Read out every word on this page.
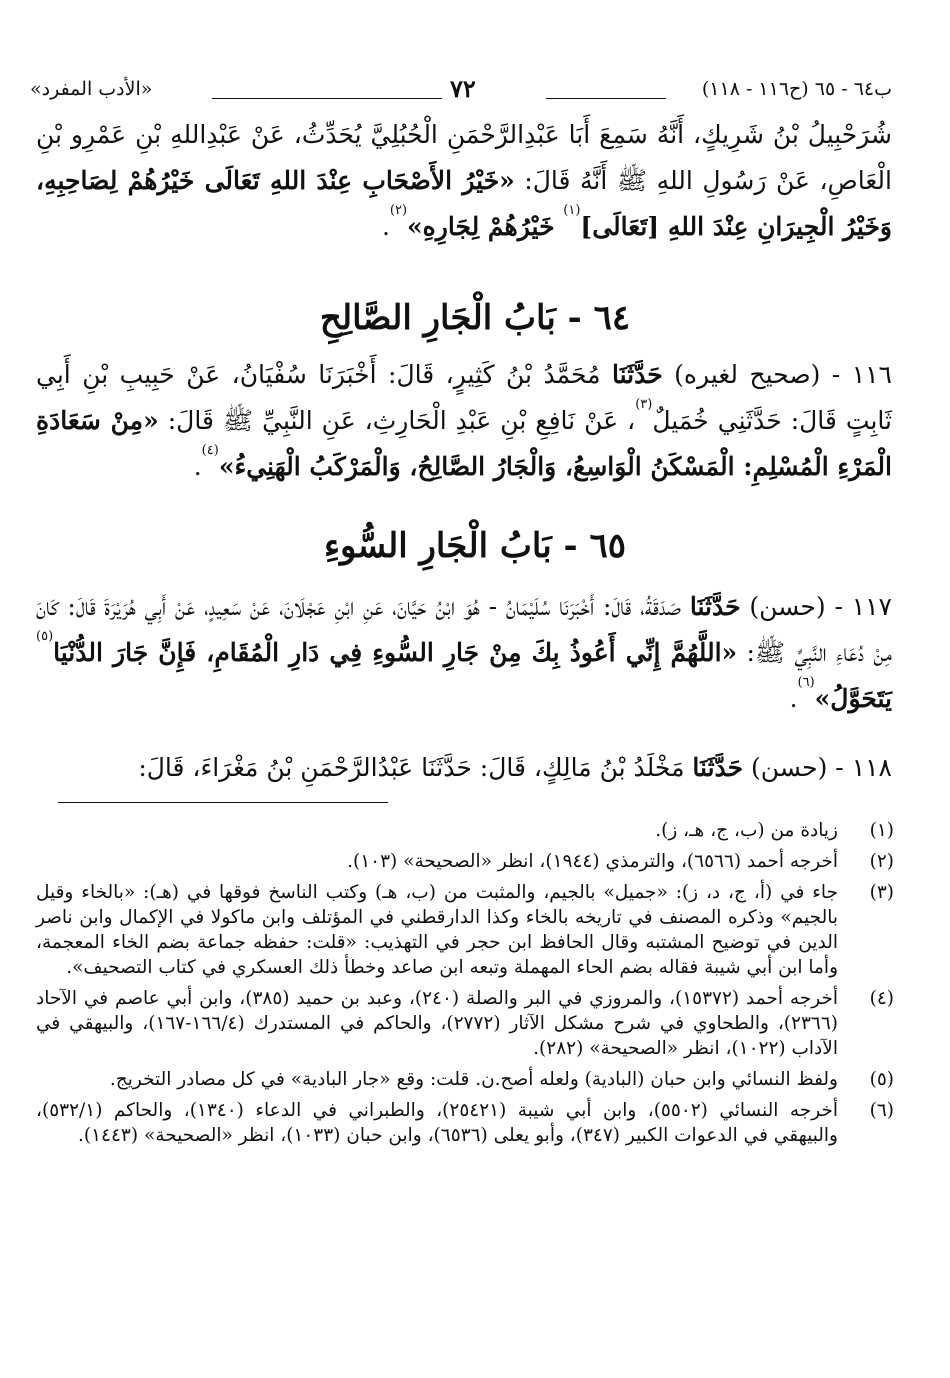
ب٦٤ - ٦٥ (ح١١٦ - ١١٨)
٧٢
«الأدب المفرد»

شُرَحْبِيلُ بْنُ شَرِيكٍ، أَنَّهُ سَمِعَ أَبَا عَبْدِالرَّحْمَنِ الْحُبُلِيَّ يُحَدِّثُ، عَنْ عَبْدِاللهِ بْنِ عَمْرِو بْنِ الْعَاصِ، عَنْ رَسُولِ اللهِ ﷺ أَنَّهُ قَالَ: «خَيْرُ الأَصْحَابِ عِنْدَ اللهِ تَعَالَى خَيْرُهُمْ لِصَاحِبِهِ، وَخَيْرُ الْجِيرَانِ عِنْدَ اللهِ [تَعَالَى]$^{(١)}$ خَيْرُهُمْ لِجَارِهِ»$^{(٢)}$.

٦٤ - بَابُ الْجَارِ الصَّالِحِ

١١٦ - (صحيح لغيره) حَدَّثَنَا مُحَمَّدُ بْنُ كَثِيرٍ، قَالَ: أَخْبَرَنَا سُفْيَانُ، عَنْ حَبِيبِ بْنِ أَبِي ثَابِتٍ قَالَ: حَدَّثَنِي خُمَيلٌ$^{(٣)}$، عَنْ نَافِعِ بْنِ عَبْدِ الْحَارِثِ، عَنِ النَّبِيِّ ﷺ قَالَ: «مِنْ سَعَادَةِ الْمَرْءِ الْمُسْلِمِ: الْمَسْكَنُ الْوَاسِعُ، وَالْجَارُ الصَّالِحُ، وَالْمَرْكَبُ الْهَنِيءُ»$^{(٤)}$.

٦٥ - بَابُ الْجَارِ السُّوءِ

١١٧ - (حسن) حَدَّثَنَا صَدَقَةُ، قَالَ: أَخْبَرَنَا سُلَيْمَانُ - هُوَ ابْنُ حَيَّانَ، عَنِ ابْنِ عَجْلَانَ، عَنْ سَعِيدٍ، عَنْ أَبِي هُرَيْرَةَ قَالَ: كَانَ مِنْ دُعَاءِ النَّبِيِّ ﷺ: «اللَّهُمَّ إِنِّي أَعُوذُ بِكَ مِنْ جَارِ السُّوءِ فِي دَارِ الْمُقَامِ، فَإِنَّ جَارَ الدُّنْيَا$^{(٥)}$ يَتَحَوَّلُ»$^{(٦)}$.

١١٨ - (حسن) حَدَّثَنَا مَخْلَدُ بْنُ مَالِكٍ، قَالَ: حَدَّثَنَا عَبْدُالرَّحْمَنِ بْنُ مَغْرَاءَ، قَالَ:

(١)
زيادة من (ب، ج، هـ، ز).
(٢)
أخرجه أحمد (٦٥٦٦)، والترمذي (١٩٤٤)، انظر «الصحيحة» (١٠٣).
(٣)
جاء في (أ، ج، د، ز): «جميل» بالجيم، والمثبت من (ب، هـ) وكتب الناسخ فوقها في (هـ): «بالخاء وقيل بالجيم» وذكره المصنف في تاريخه بالخاء وكذا الدارقطني في المؤتلف وابن ماكولا في الإكمال وابن ناصر الدين في توضيح المشتبه وقال الحافظ ابن حجر في التهذيب: «قلت: حفظه جماعة بضم الخاء المعجمة، وأما ابن أبي شيبة فقاله بضم الحاء المهملة وتبعه ابن صاعد وخطأ ذلك العسكري في كتاب التصحيف».
(٤)
أخرجه أحمد (١٥٣٧٢)، والمروزي في البر والصلة (٢٤٠)، وعبد بن حميد (٣٨٥)، وابن أبي عاصم في الآحاد (٢٣٦٦)، والطحاوي في شرح مشكل الآثار (٢٧٧٢)، والحاكم في المستدرك (١٦٦/٤-١٦٧)، والبيهقي في الآداب (١٠٢٢)، انظر «الصحيحة» (٢٨٢).
(٥)
ولفظ النسائي وابن حبان (البادية) ولعله أصح.ن. قلت: وقع «جار البادية» في كل مصادر التخريج.
(٦)
أخرجه النسائي (٥٥٠٢)، وابن أبي شيبة (٢٥٤٢١)، والطبراني في الدعاء (١٣٤٠)، والحاكم (٥٣٢/١)، والبيهقي في الدعوات الكبير (٣٤٧)، وأبو يعلى (٦٥٣٦)، وابن حبان (١٠٣٣)، انظر «الصحيحة» (١٤٤٣).
